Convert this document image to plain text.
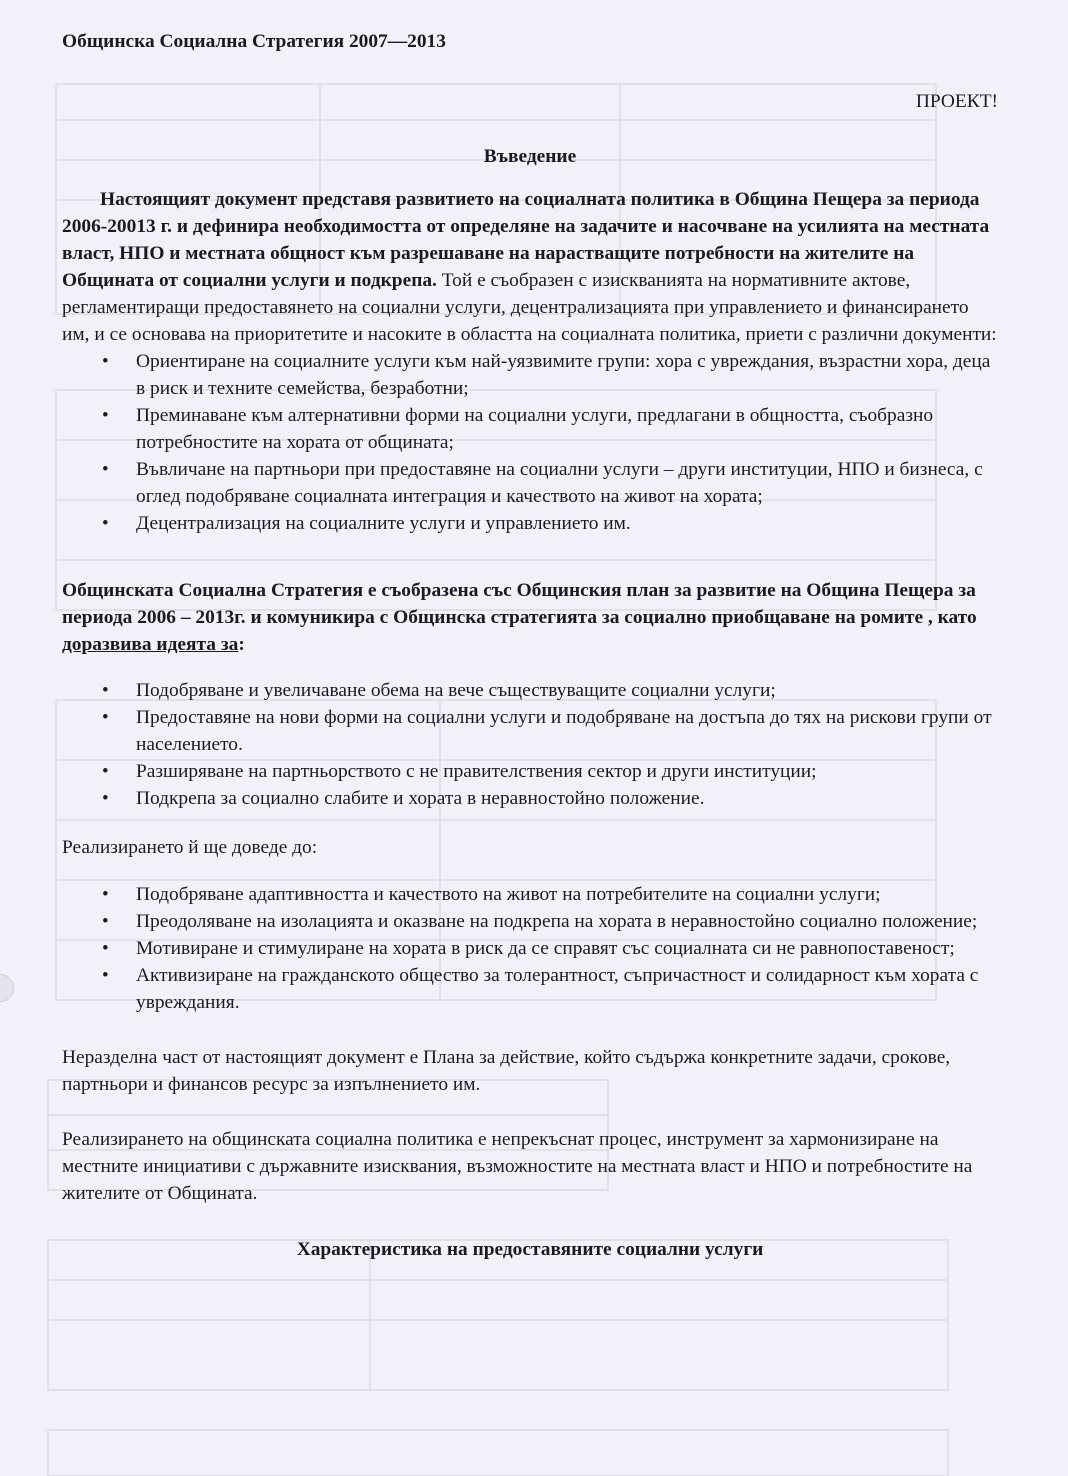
Общинска Социална Стратегия 2007—2013

ПРОЕКТ!

Въведение

Настоящият документ представя развитието на социалната политика в Община Пещера за периода 2006-20013 г. и дефинира необходимостта от определяне на задачите и насочване на усилията на местната власт, НПО и местната общност към разрешаване на нарастващите потребности на жителите на Общината от социални услуги и подкрепа. Той е съобразен с изискванията на нормативните актове, регламентиращи предоставянето на социални услуги, децентрализацията при управлението и финансирането им, и се основава на приоритетите и насоките в областта на социалната политика, приети с различни документи:

• Ориентиране на социалните услуги към най-уязвимите групи: хора с увреждания, възрастни хора, деца в риск и техните семейства, безработни;
• Преминаване към алтернативни форми на социални услуги, предлагани в общността, съобразно потребностите на хората от общината;
• Въвличане на партньори при предоставяне на социални услуги – други институции, НПО и бизнеса, с оглед подобряване социалната интеграция и качеството на живот на хората;
• Децентрализация на социалните услуги и управлението им.

Общинската Социална Стратегия е съобразена със Общинския план за развитие на Община Пещера за периода 2006 – 2013г. и комуникира с Общинска стратегията за социално приобщаване на ромите , като доразвива идеята за:

• Подобряване и увеличаване обема на вече съществуващите социални услуги;
• Предоставяне на нови форми на социални услуги и подобряване на достъпа до тях на рискови групи от населението.
• Разширяване на партньорството с не правителствения сектор и други институции;
• Подкрепа за социално слабите и хората в неравностойно положение.

Реализирането й ще доведе до:

• Подобряване адаптивността и качеството на живот на потребителите на социални услуги;
• Преодоляване на изолацията и оказване на подкрепа на хората в неравностойно социално положение;
• Мотивиране и стимулиране на хората в риск да се справят със социалната си не равнопоставеност;
• Активизиране на гражданското общество за толерантност, съпричастност и солидарност към хората с увреждания.

Неразделна част от настоящият документ е Плана за действие, който съдържа конкретните задачи, срокове, партньори и финансов ресурс за изпълнението им.

Реализирането на общинската социална политика е непрекъснат процес, инструмент за хармонизиране на местните инициативи с държавните изисквания, възможностите на местната власт и НПО и потребностите на жителите от Общината.

Характеристика на предоставяните социални услуги
